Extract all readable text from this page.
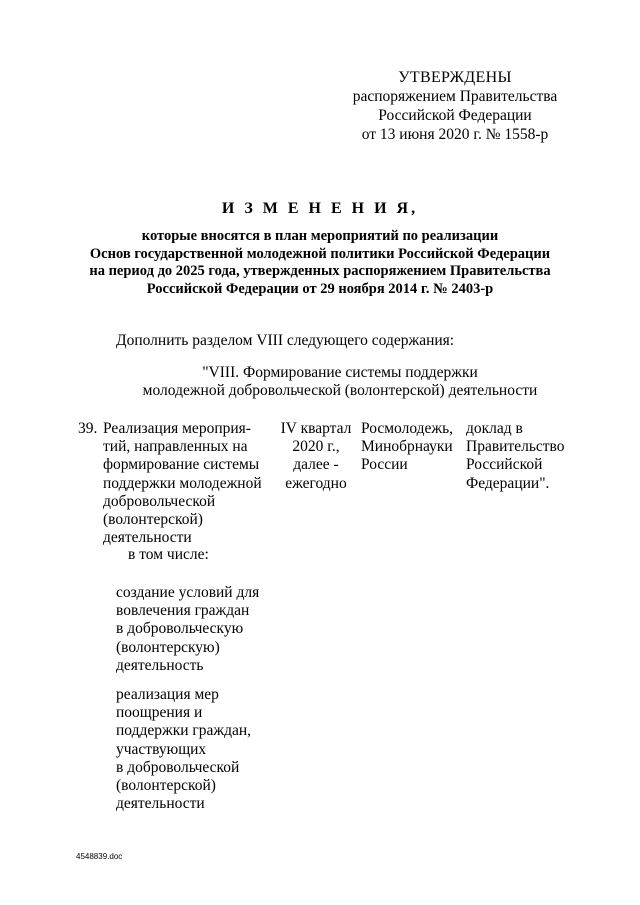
УТВЕРЖДЕНЫ
распоряжением Правительства
Российской Федерации
от 13 июня 2020 г. № 1558-р
И З М Е Н Е Н И Я,
которые вносятся в план мероприятий по реализации
Основ государственной молодежной политики Российской Федерации
на период до 2025 года, утвержденных распоряжением Правительства
Российской Федерации от 29 ноября 2014 г. № 2403-р
Дополнить разделом VIII следующего содержания:
"VIII. Формирование системы поддержки
молодежной добровольческой (волонтерской) деятельности
39. Реализация мероприя-
тий, направленных на
формирование системы
поддержки молодежной
добровольческой
(волонтерской)
деятельности
IV квартал
2020 г.,
далее -
ежегодно
Росмолодежь,
Минобрнауки
России
доклад в
Правительство
Российской
Федерации".
в том числе:
создание условий для
вовлечения граждан
в добровольческую
(волонтерскую)
деятельность
реализация мер
поощрения и
поддержки граждан,
участвующих
в добровольческой
(волонтерской)
деятельности
4548839.doc
